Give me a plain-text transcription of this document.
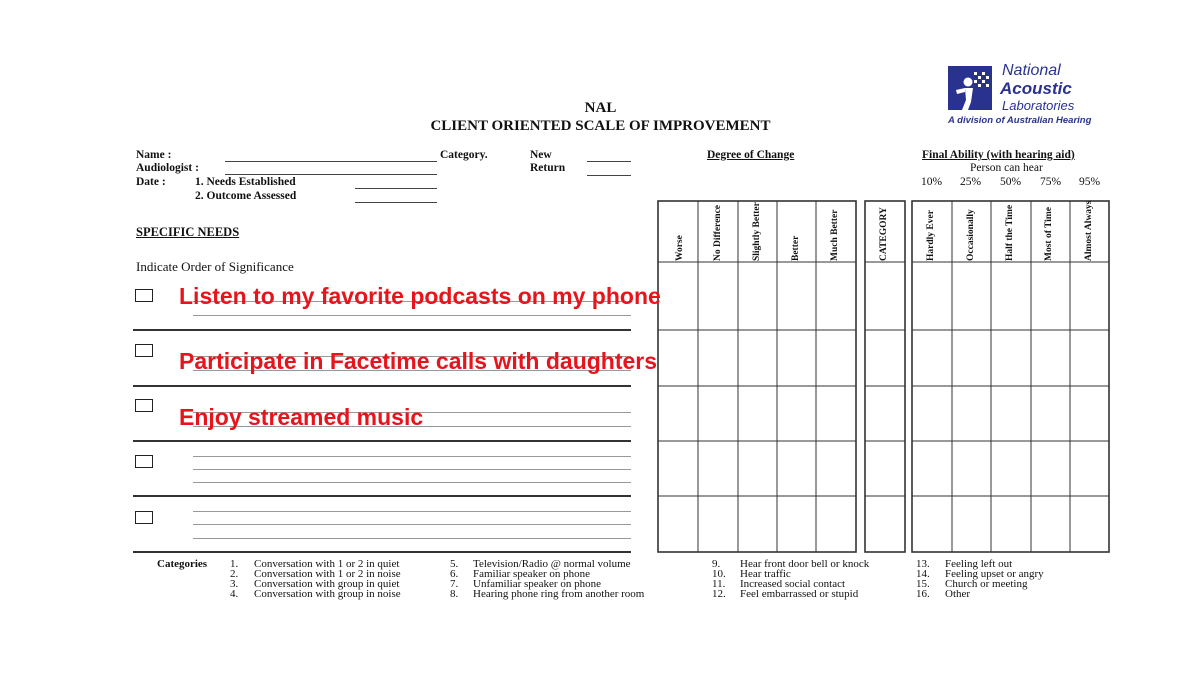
National
Acoustic
Laboratories
A division of Australian Hearing
NAL
CLIENT ORIENTED SCALE OF IMPROVEMENT
Name :
Audiologist :
Date :	1. Needs Established
2. Outcome Assessed
Category.	New
Return
Degree of Change	Final Ability (with hearing aid)
Person can hear
10% 25% 50% 75% 95%
SPECIFIC NEEDS
Indicate Order of Significance
Worse	No Difference	Slightly Better	Better	Much Better	CATEGORY	Hardly Ever	Occasionally	Half the Time	Most of Time	Almost Always
Listen to my favorite podcasts on my phone
Participate in Facetime calls with daughters
Enjoy streamed music
Categories 1. Conversation with 1 or 2 in quiet
2. Conversation with 1 or 2 in noise
3. Conversation with group in quiet
4. Conversation with group in noise
5. Television/Radio @ normal volume
6. Familiar speaker on phone
7. Unfamiliar speaker on phone
8. Hearing phone ring from another room
9. Hear front door bell or knock
10. Hear traffic
11. Increased social contact
12. Feel embarrassed or stupid
13. Feeling left out
14. Feeling upset or angry
15. Church or meeting
16. Other
